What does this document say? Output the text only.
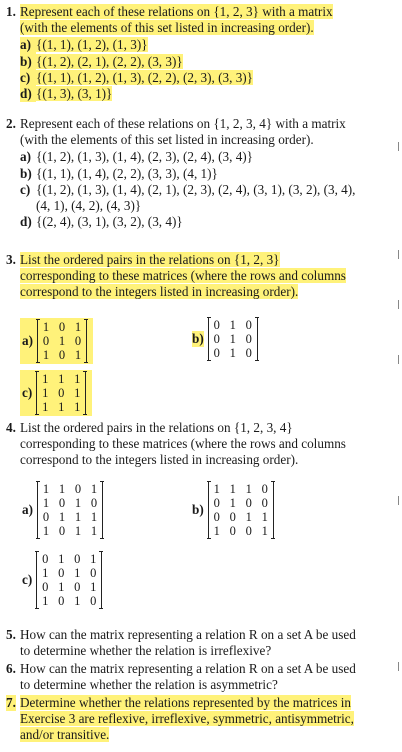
1. Represent each of these relations on {1, 2, 3} with a matrix (with the elements of this set listed in increasing order).
a) {(1, 1), (1, 2), (1, 3)}
b) {(1, 2), (2, 1), (2, 2), (3, 3)}
c) {(1, 1), (1, 2), (1, 3), (2, 2), (2, 3), (3, 3)}
d) {(1, 3), (3, 1)}
2. Represent each of these relations on {1, 2, 3, 4} with a matrix (with the elements of this set listed in increasing order).
a) {(1, 2), (1, 3), (1, 4), (2, 3), (2, 4), (3, 4)}
b) {(1, 1), (1, 4), (2, 2), (3, 3), (4, 1)}
c) {(1, 2), (1, 3), (1, 4), (2, 1), (2, 3), (2, 4), (3, 1), (3, 2), (3, 4), (4, 1), (4, 2), (4, 3)}
d) {(2, 4), (3, 1), (3, 2), (3, 4)}
3. List the ordered pairs in the relations on {1, 2, 3} corresponding to these matrices (where the rows and columns correspond to the integers listed in increasing order).
a)
1	0	1
0	1	0
1	0	1
b)
0	1	0
0	1	0
0	1	0
c)
1	1	1
1	0	1
1	1	1
4. List the ordered pairs in the relations on {1, 2, 3, 4} corresponding to these matrices (where the rows and columns correspond to the integers listed in increasing order).
a)
1	1	0	1
1	0	1	0
0	1	1	1
1	0	1	1
b)
1	1	1	0
0	1	0	0
0	0	1	1
1	0	0	1
c)
0	1	0	1
1	0	1	0
0	1	0	1
1	0	1	0
5. How can the matrix representing a relation R on a set A be used to determine whether the relation is irreflexive?
6. How can the matrix representing a relation R on a set A be used to determine whether the relation is asymmetric?
7. Determine whether the relations represented by the matrices in Exercise 3 are reflexive, irreflexive, symmetric, antisymmetric, and/or transitive.
